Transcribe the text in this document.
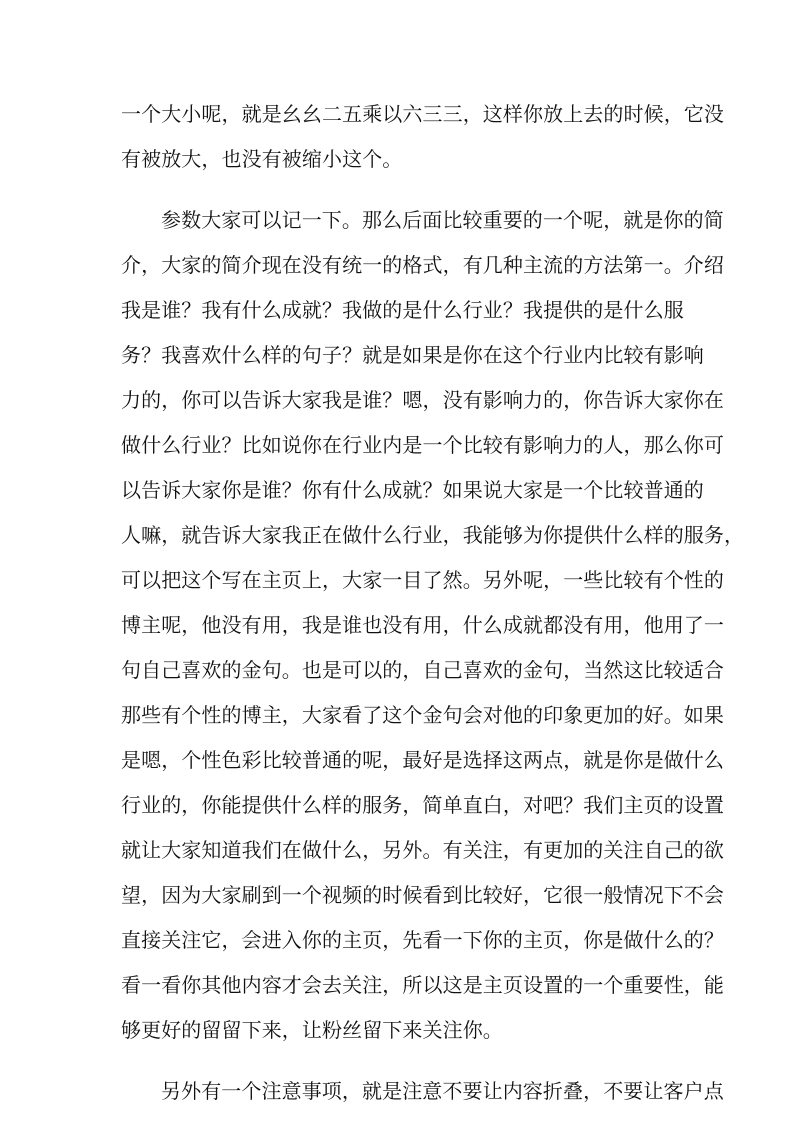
一个大小呢，就是幺幺二五乘以六三三，这样你放上去的时候，它没
有被放大，也没有被缩小这个。
参数大家可以记一下。那么后面比较重要的一个呢，就是你的简
介，大家的简介现在没有统一的格式，有几种主流的方法第一。介绍
我是谁？我有什么成就？我做的是什么行业？我提供的是什么服
务？我喜欢什么样的句子？就是如果是你在这个行业内比较有影响
力的，你可以告诉大家我是谁？嗯，没有影响力的，你告诉大家你在
做什么行业？比如说你在行业内是一个比较有影响力的人，那么你可
以告诉大家你是谁？你有什么成就？如果说大家是一个比较普通的
人嘛，就告诉大家我正在做什么行业，我能够为你提供什么样的服务，
可以把这个写在主页上，大家一目了然。另外呢，一些比较有个性的
博主呢，他没有用，我是谁也没有用，什么成就都没有用，他用了一
句自己喜欢的金句。也是可以的，自己喜欢的金句，当然这比较适合
那些有个性的博主，大家看了这个金句会对他的印象更加的好。如果
是嗯，个性色彩比较普通的呢，最好是选择这两点，就是你是做什么
行业的，你能提供什么样的服务，简单直白，对吧？我们主页的设置
就让大家知道我们在做什么，另外。有关注，有更加的关注自己的欲
望，因为大家刷到一个视频的时候看到比较好，它很一般情况下不会
直接关注它，会进入你的主页，先看一下你的主页，你是做什么的？
看一看你其他内容才会去关注，所以这是主页设置的一个重要性，能
够更好的留留下来，让粉丝留下来关注你。
另外有一个注意事项，就是注意不要让内容折叠，不要让客户点
